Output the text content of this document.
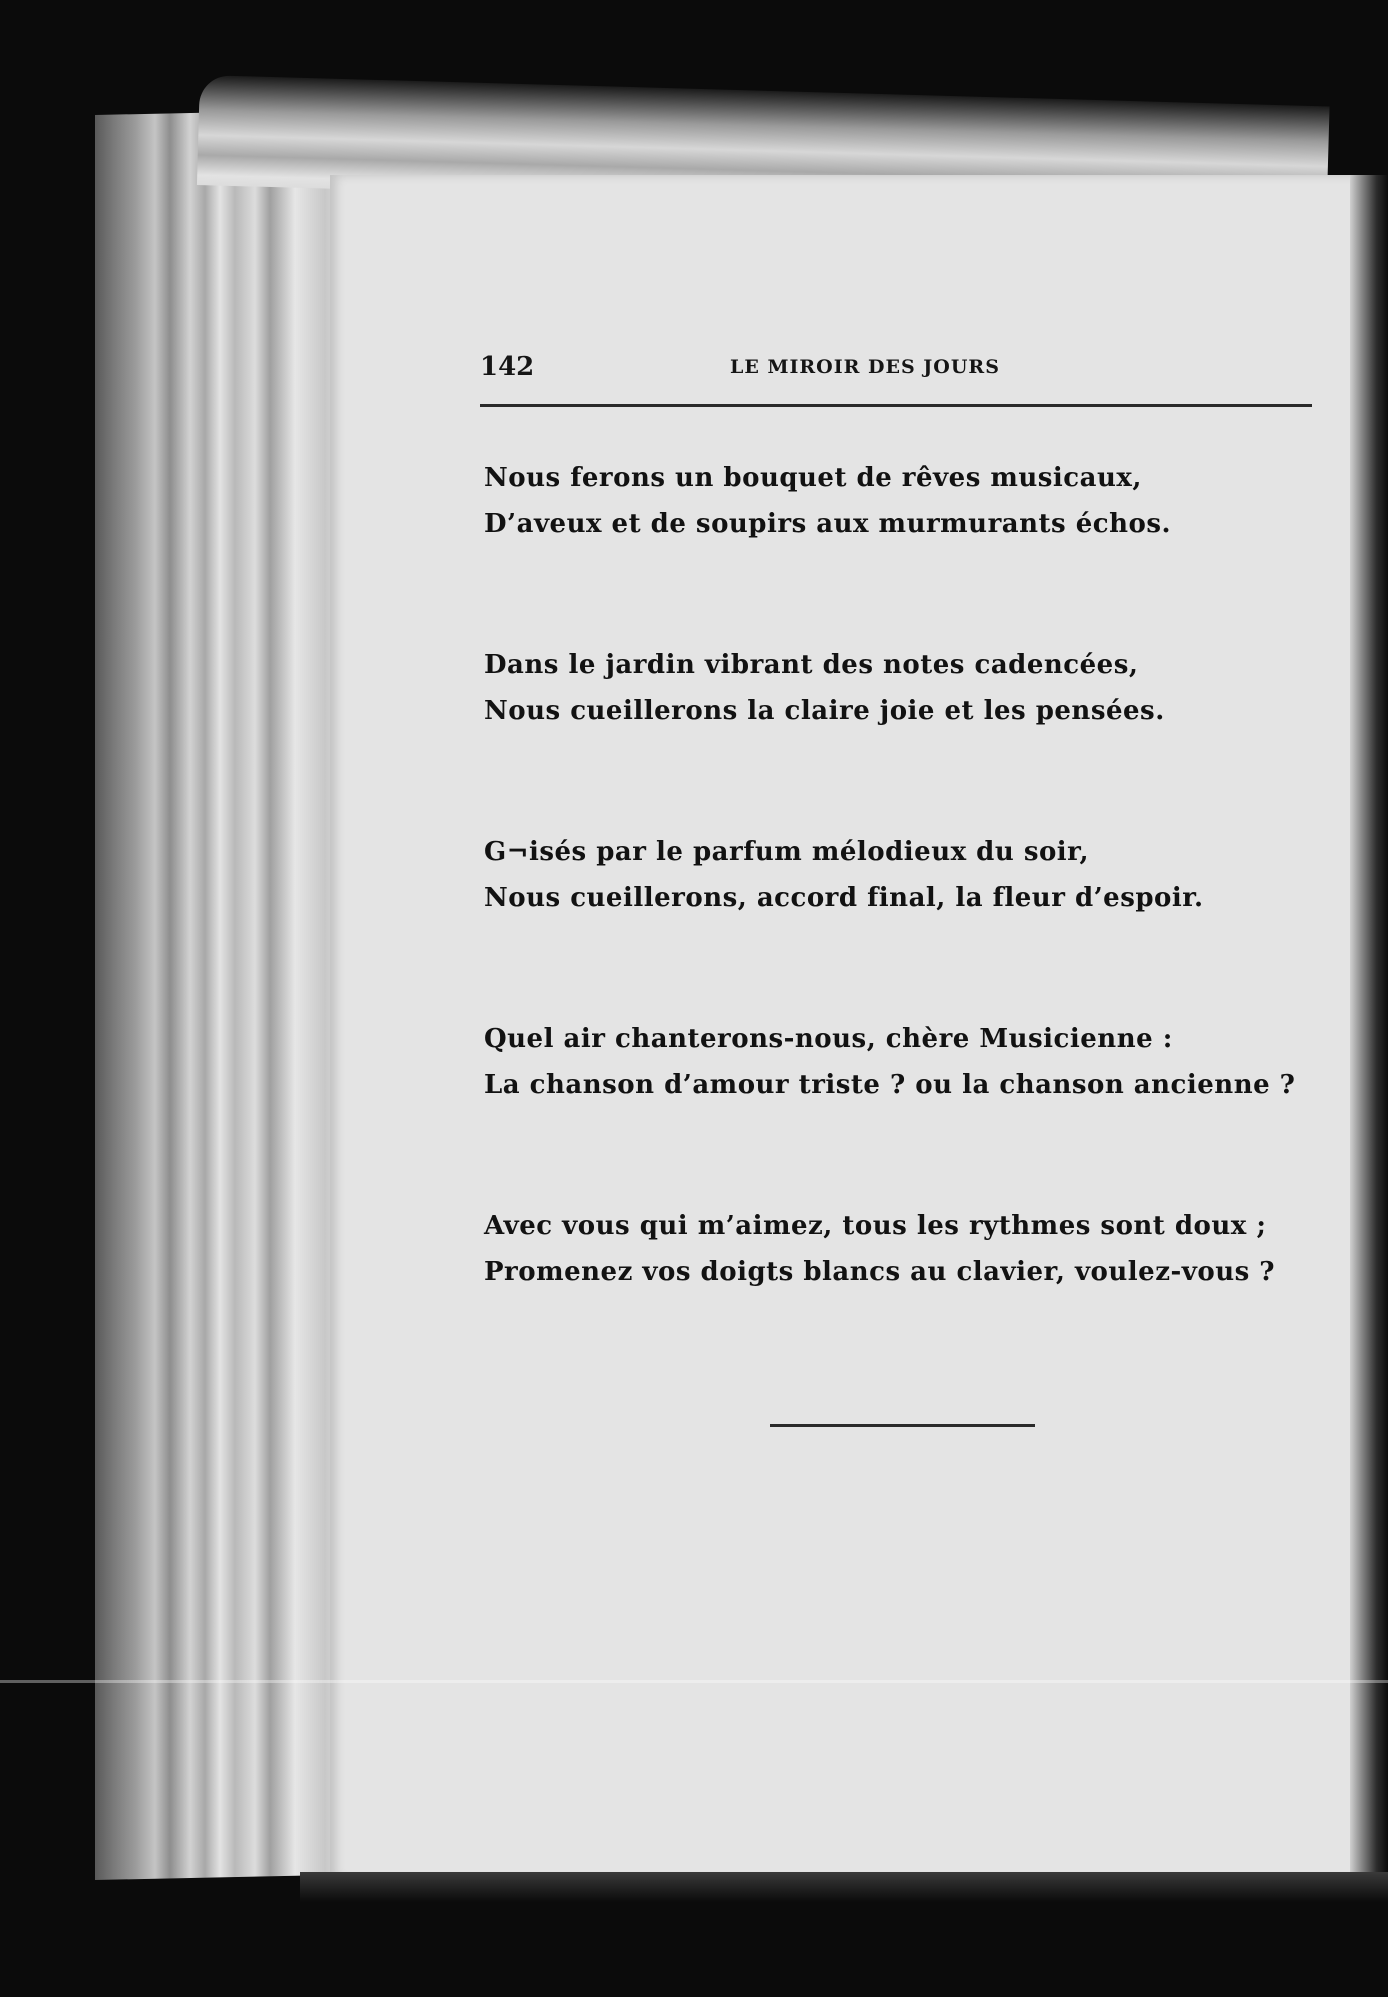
142	LE MIROIR DES JOURS
Nous ferons un bouquet de rêves musicaux,
D’aveux et de soupirs aux murmurants échos.
Dans le jardin vibrant des notes cadencées,
Nous cueillerons la claire joie et les pensées.
G¬isés par le parfum mélodieux du soir,
Nous cueillerons, accord final, la fleur d’espoir.
Quel air chanterons-nous, chère Musicienne :
La chanson d’amour triste ? ou la chanson ancienne ?
Avec vous qui m’aimez, tous les rythmes sont doux ;
Promenez vos doigts blancs au clavier, voulez-vous ?
